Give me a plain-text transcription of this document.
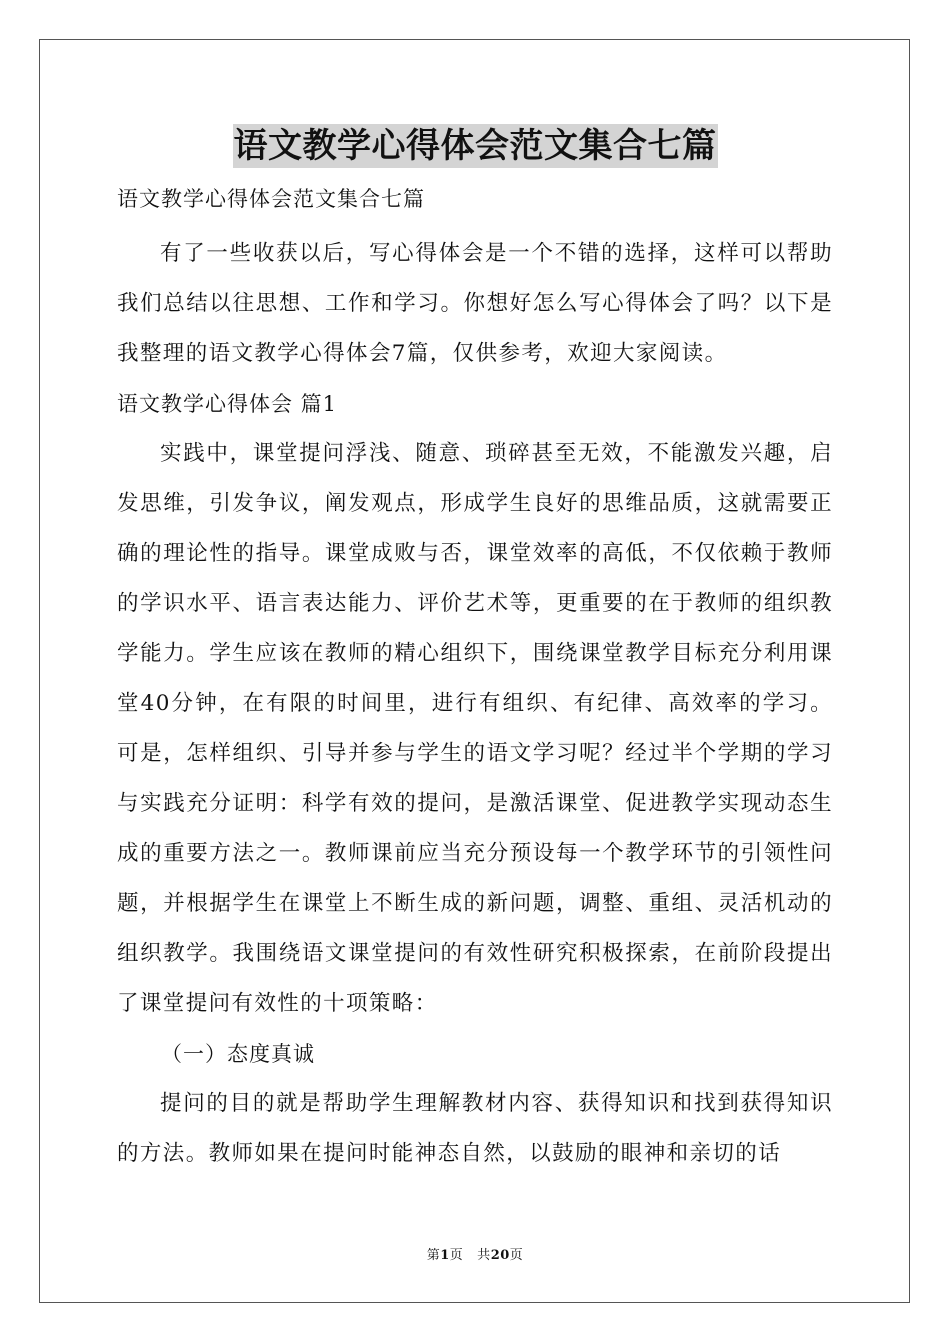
语文教学心得体会范文集合七篇

语文教学心得体会范文集合七篇

有了一些收获以后，写心得体会是一个不错的选择，这样可以帮助我们总结以往思想、工作和学习。你想好怎么写心得体会了吗？以下是我整理的语文教学心得体会7篇，仅供参考，欢迎大家阅读。

语文教学心得体会 篇1

实践中，课堂提问浮浅、随意、琐碎甚至无效，不能激发兴趣，启发思维，引发争议，阐发观点，形成学生良好的思维品质，这就需要正确的理论性的指导。课堂成败与否，课堂效率的高低，不仅依赖于教师的学识水平、语言表达能力、评价艺术等，更重要的在于教师的组织教学能力。学生应该在教师的精心组织下，围绕课堂教学目标充分利用课堂40分钟，在有限的时间里，进行有组织、有纪律、高效率的学习。可是，怎样组织、引导并参与学生的语文学习呢？经过半个学期的学习与实践充分证明：科学有效的提问，是激活课堂、促进教学实现动态生成的重要方法之一。教师课前应当充分预设每一个教学环节的引领性问题，并根据学生在课堂上不断生成的新问题，调整、重组、灵活机动的组织教学。我围绕语文课堂提问的有效性研究积极探索，在前阶段提出了课堂提问有效性的十项策略：

（一）态度真诚

提问的目的就是帮助学生理解教材内容、获得知识和找到获得知识的方法。教师如果在提问时能神态自然，以鼓励的眼神和亲切的话

第1页 共20页
